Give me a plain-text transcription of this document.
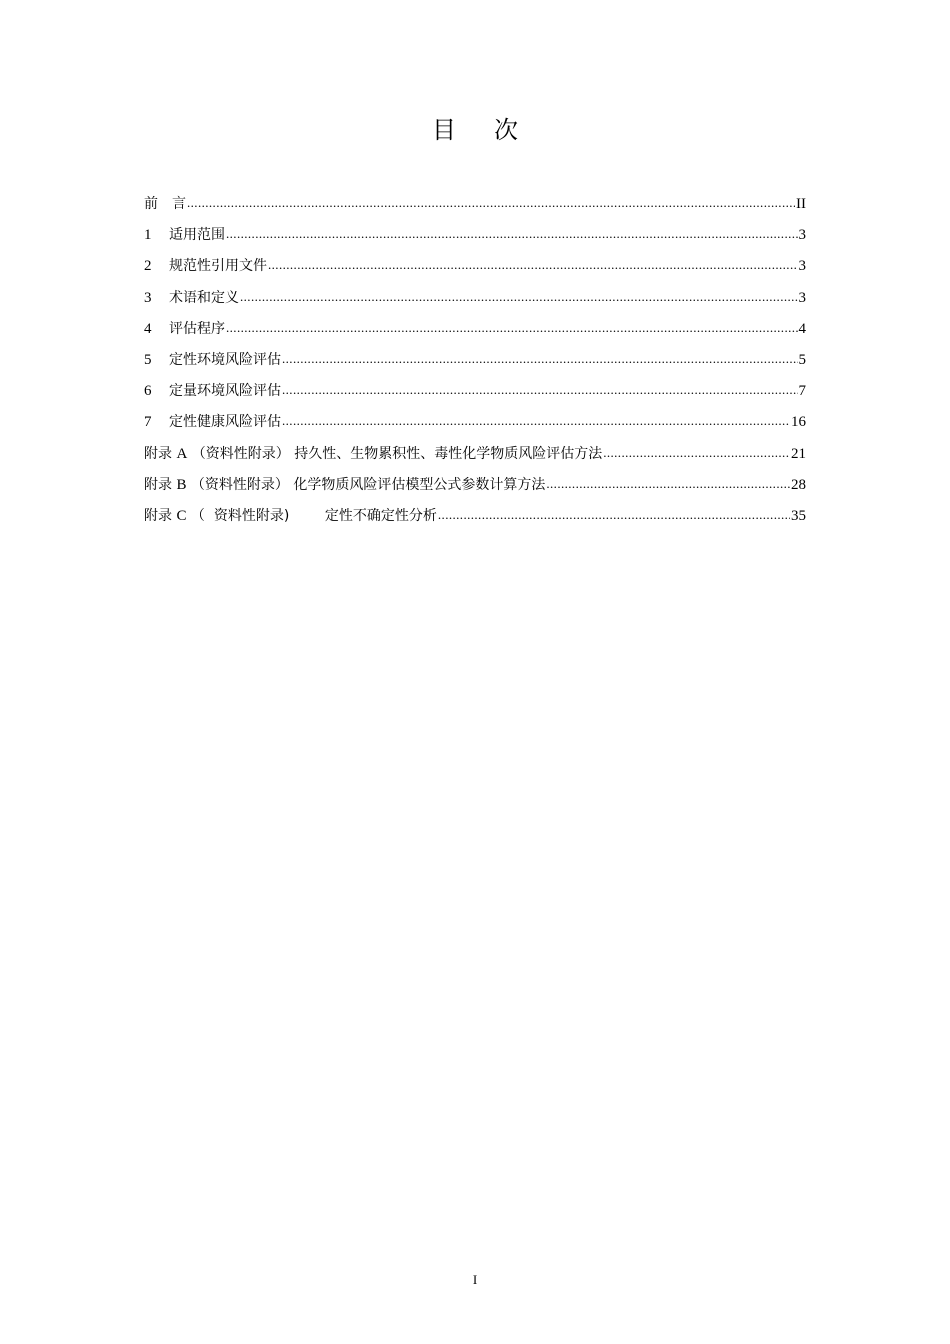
目 次
前　言 .....	II
1 适用范围 .....	3
2 规范性引用文件 .....	3
3 术语和定义 .....	3
4 评估程序 .....	4
5 定性环境风险评估 .....	5
6 定量环境风险评估 .....	7
7 定性健康风险评估 .....	16
附录 A （资料性附录） 持久性、生物累积性、毒性化学物质风险评估方法 .....	21
附录 B （资料性附录） 化学物质风险评估模型公式参数计算方法 .....	28
附录 C （  资料性附录)        定性不确定性分析 .....	35
I
